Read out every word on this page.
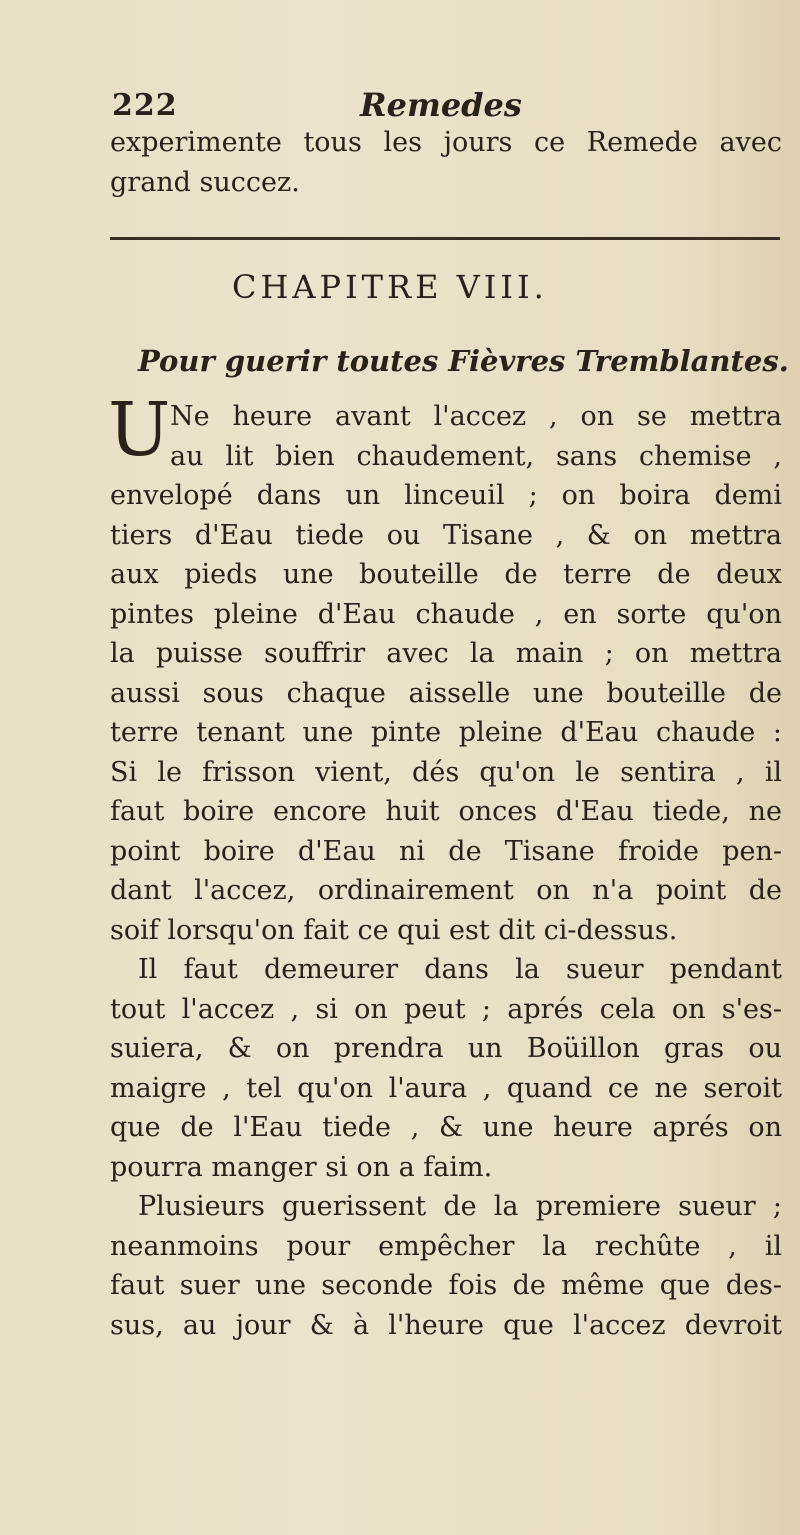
222	Remedes
experimente tous les jours ce Remede avec
grand succez.
CHAPITRE VIII.
Pour guerir toutes Fièvres Tremblantes.
U Ne heure avant l'accez , on se mettra
au lit bien chaudement, sans chemise ,
envelopé dans un linceuil ; on boira demi
tiers d'Eau tiede ou Tisane , & on mettra
aux pieds une bouteille de terre de deux
pintes pleine d'Eau chaude , en sorte qu'on
la puisse souffrir avec la main ; on mettra
aussi sous chaque aisselle une bouteille de
terre tenant une pinte pleine d'Eau chaude :
Si le frisson vient, dés qu'on le sentira , il
faut boire encore huit onces d'Eau tiede, ne
point boire d'Eau ni de Tisane froide pen-
dant l'accez, ordinairement on n'a point de
soif lorsqu'on fait ce qui est dit ci-dessus.
Il faut demeurer dans la sueur pendant
tout l'accez , si on peut ; aprés cela on s'es-
suiera, & on prendra un Boüillon gras ou
maigre , tel qu'on l'aura , quand ce ne seroit
que de l'Eau tiede , & une heure aprés on
pourra manger si on a faim.
Plusieurs guerissent de la premiere sueur ;
neanmoins pour empêcher la rechûte , il
faut suer une seconde fois de même que des-
sus, au jour & à l'heure que l'accez devroit
